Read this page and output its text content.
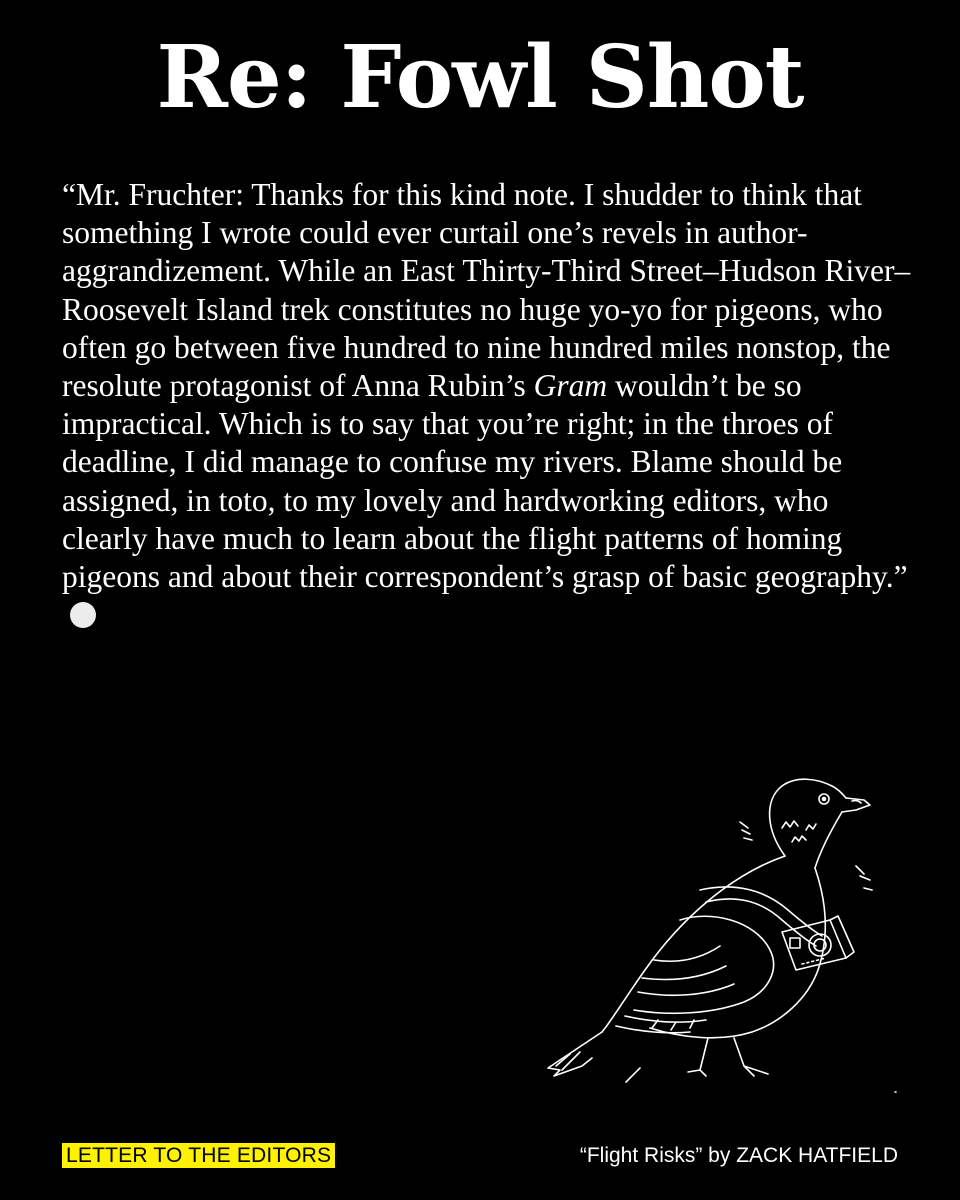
Re: Fowl Shot

“Mr. Fruchter: Thanks for this kind note. I shudder to think that something I wrote could ever curtail one’s revels in author-aggrandizement. While an East Thirty-Third Street–Hudson River–Roosevelt Island trek constitutes no huge yo-yo for pigeons, who often go between five hundred to nine hundred miles nonstop, the resolute protagonist of Anna Rubin’s Gram wouldn’t be so impractical. Which is to say that you’re right; in the throes of deadline, I did manage to confuse my rivers. Blame should be assigned, in toto, to my lovely and hardworking editors, who clearly have much to learn about the flight patterns of homing pigeons and about their correspondent’s grasp of basic geography.”

LETTER TO THE EDITORS	“Flight Risks” by ZACK HATFIELD
